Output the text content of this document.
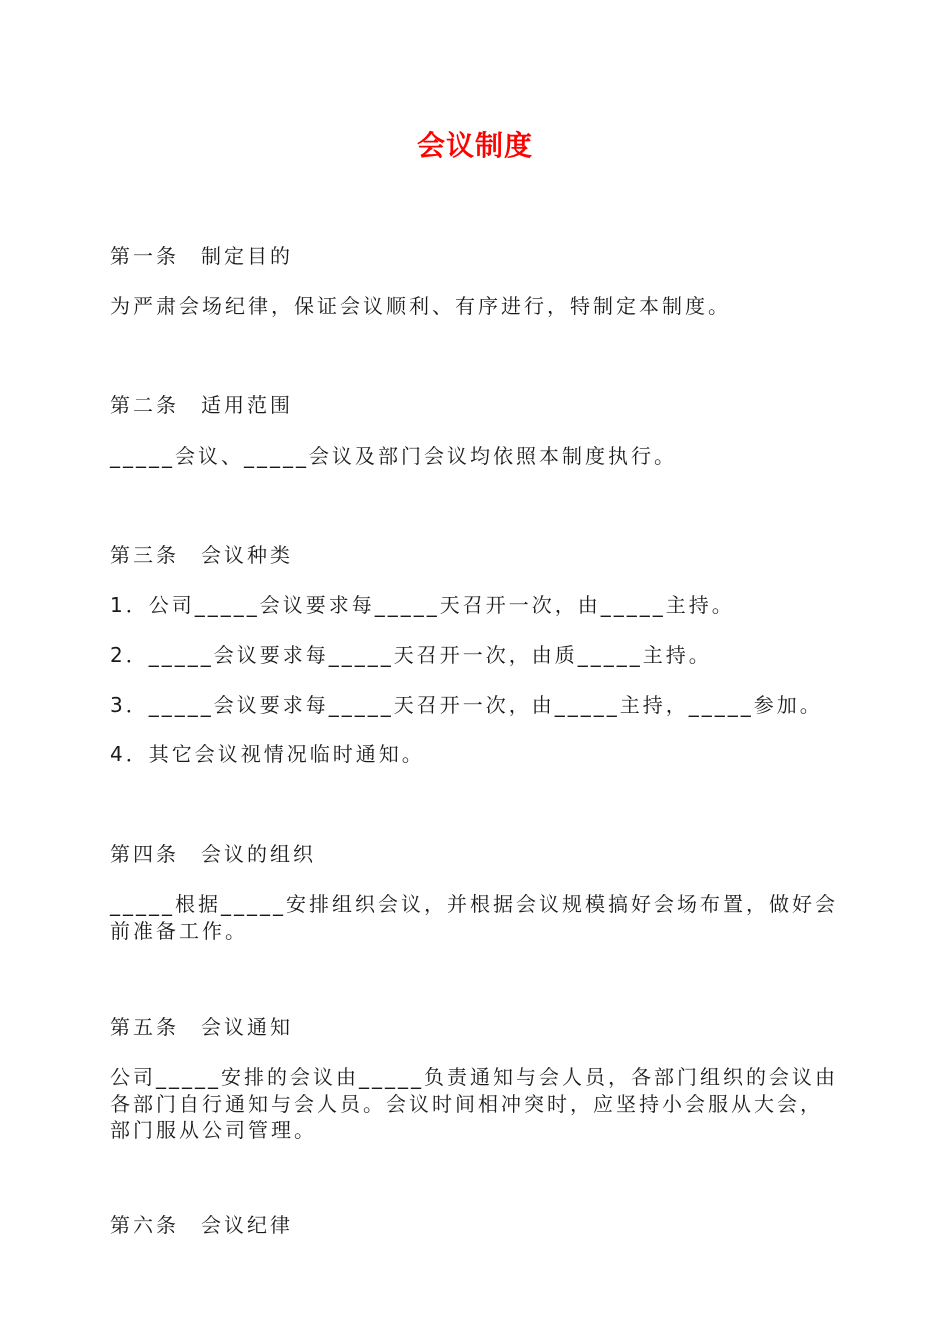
会议制度
第一条 制定目的
为严肃会场纪律，保证会议顺利、有序进行，特制定本制度。
第二条 适用范围
_____会议、_____会议及部门会议均依照本制度执行。
第三条 会议种类
1．公司_____会议要求每_____天召开一次，由_____主持。
2．_____会议要求每_____天召开一次，由质_____主持。
3．_____会议要求每_____天召开一次，由_____主持，_____参加。
4．其它会议视情况临时通知。
第四条 会议的组织
_____根据_____安排组织会议，并根据会议规模搞好会场布置，做好会前准备工作。
第五条 会议通知
公司_____安排的会议由_____负责通知与会人员，各部门组织的会议由各部门自行通知与会人员。会议时间相冲突时，应坚持小会服从大会，部门服从公司管理。
第六条 会议纪律
